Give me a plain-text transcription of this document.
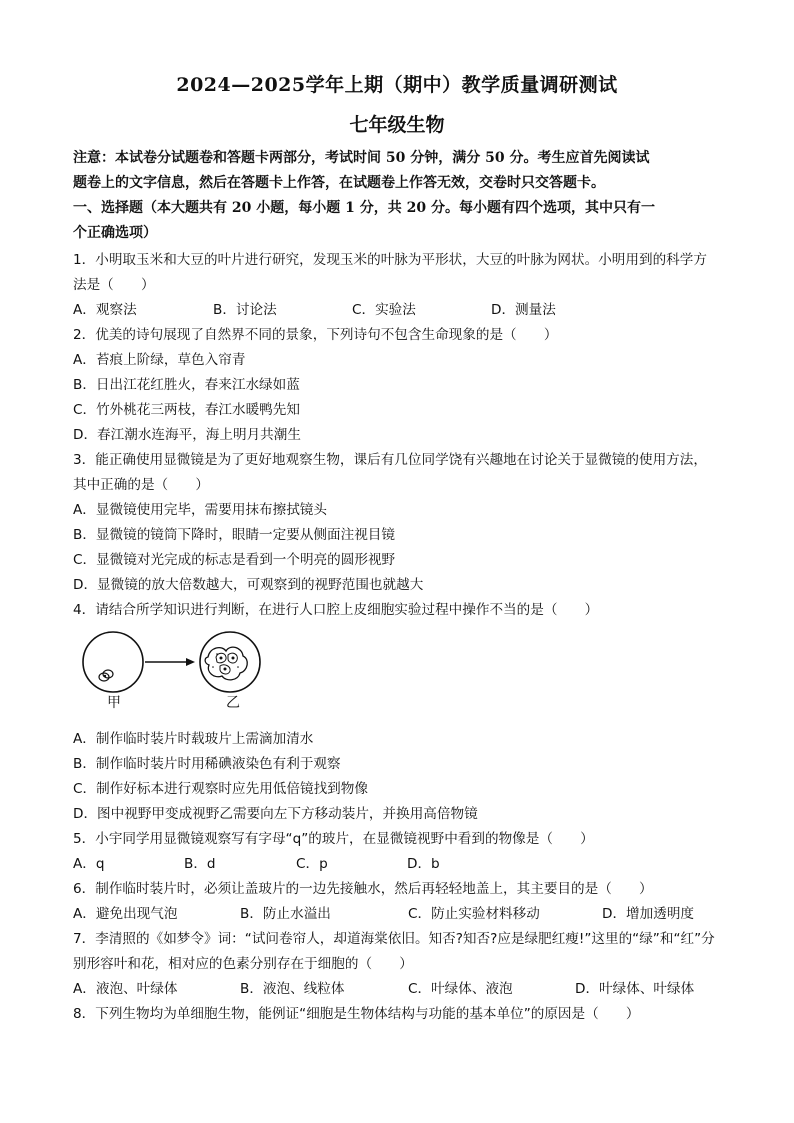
2024—2025学年上期（期中）教学质量调研测试
七年级生物
注意：本试卷分试题卷和答题卡两部分，考试时间 50 分钟，满分 50 分。考生应首先阅读试
题卷上的文字信息，然后在答题卡上作答，在试题卷上作答无效，交卷时只交答题卡。
一、选择题（本大题共有 20 小题，每小题 1 分，共 20 分。每小题有四个选项，其中只有一
个正确选项）
1．小明取玉米和大豆的叶片进行研究，发现玉米的叶脉为平形状，大豆的叶脉为网状。小明用到的科学方
法是（　　）
A．观察法	B．讨论法	C．实验法	D．测量法
2．优美的诗句展现了自然界不同的景象，下列诗句不包含生命现象的是（　　）
A．苔痕上阶绿，草色入帘青
B．日出江花红胜火，春来江水绿如蓝
C．竹外桃花三两枝，春江水暖鸭先知
D．春江潮水连海平，海上明月共潮生
3．能正确使用显微镜是为了更好地观察生物，课后有几位同学饶有兴趣地在讨论关于显微镜的使用方法，
其中正确的是（　　）
A．显微镜使用完毕，需要用抹布擦拭镜头
B．显微镜的镜筒下降时，眼睛一定要从侧面注视目镜
C．显微镜对光完成的标志是看到一个明亮的圆形视野
D．显微镜的放大倍数越大，可观察到的视野范围也就越大
4．请结合所学知识进行判断，在进行人口腔上皮细胞实验过程中操作不当的是（　　）
甲	乙
A．制作临时装片时载玻片上需滴加清水
B．制作临时装片时用稀碘液染色有利于观察
C．制作好标本进行观察时应先用低倍镜找到物像
D．图中视野甲变成视野乙需要向左下方移动装片，并换用高倍物镜
5．小宇同学用显微镜观察写有字母“q”的玻片，在显微镜视野中看到的物像是（　　）
A．q	B．d	C．p	D．b
6．制作临时装片时，必须让盖玻片的一边先接触水，然后再轻轻地盖上，其主要目的是（　　）
A．避免出现气泡	B．防止水溢出	C．防止实验材料移动	D．增加透明度
7．李清照的《如梦令》词：“试问卷帘人，却道海棠依旧。知否?知否?应是绿肥红瘦!”这里的“绿”和“红”分
别形容叶和花，相对应的色素分别存在于细胞的（　　）
A．液泡、叶绿体	B．液泡、线粒体	C．叶绿体、液泡	D．叶绿体、叶绿体
8．下列生物均为单细胞生物，能例证“细胞是生物体结构与功能的基本单位”的原因是（　　）
